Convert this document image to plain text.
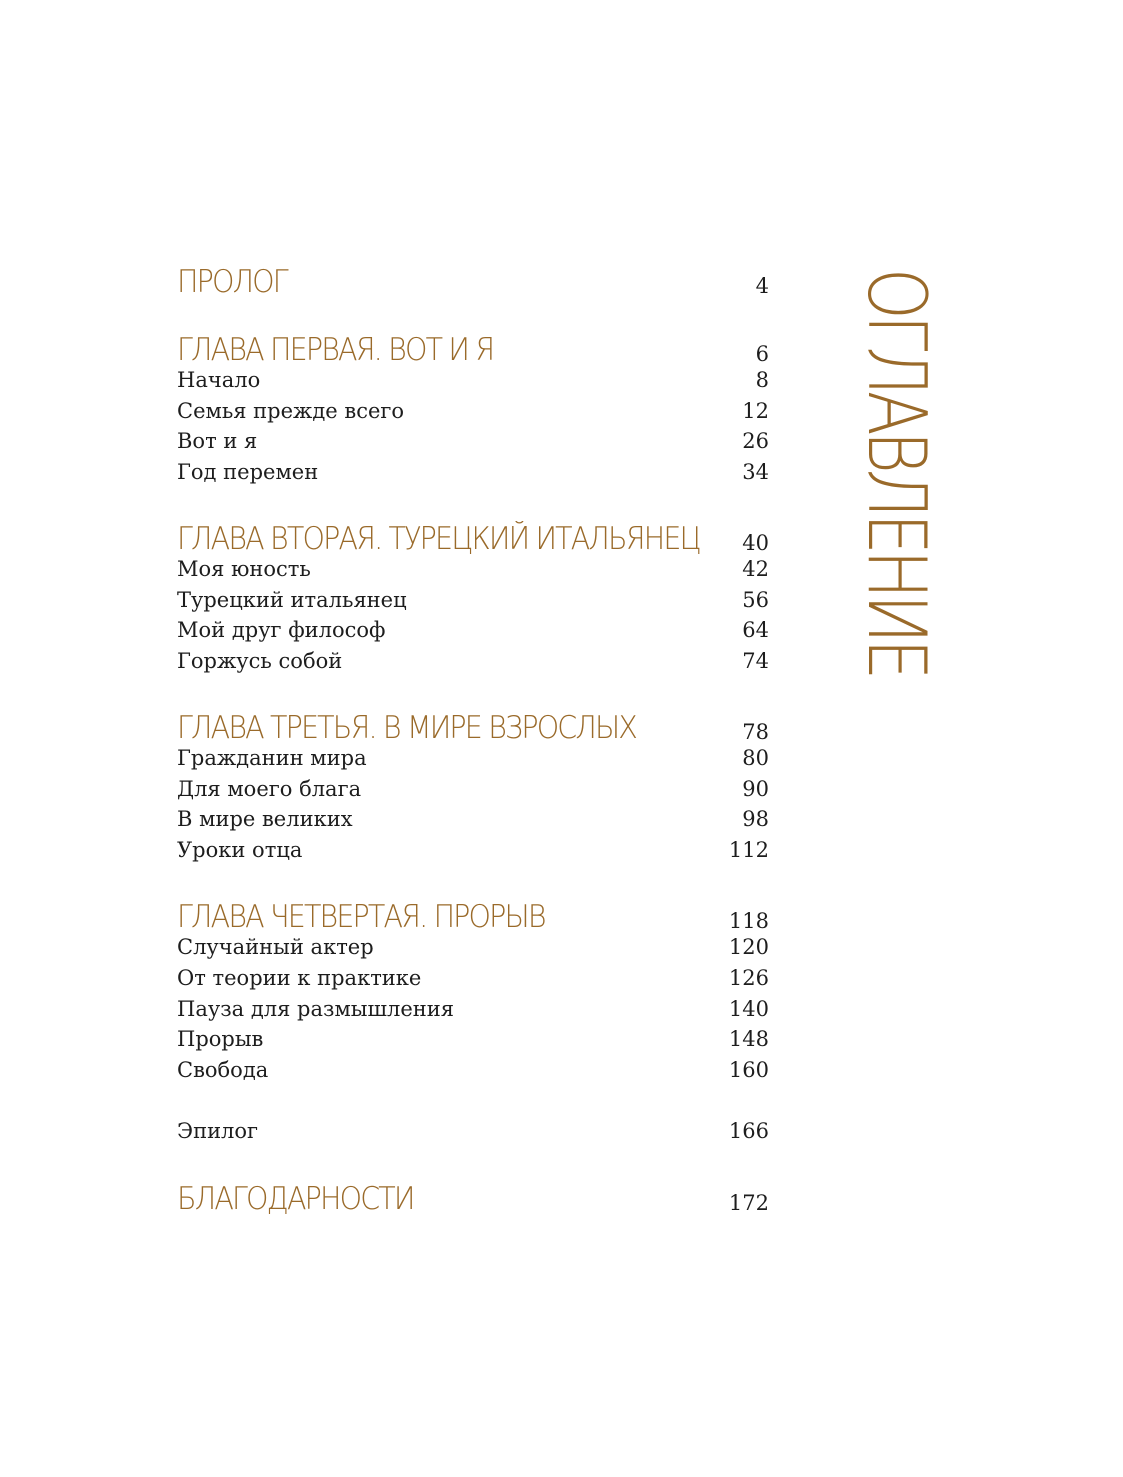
ПРОЛОГ	4
ГЛАВА ПЕРВАЯ. ВОТ И Я	6
Начало	8
Семья прежде всего	12
Вот и я	26
Год перемен	34
ГЛАВА ВТОРАЯ. ТУРЕЦКИЙ ИТАЛЬЯНЕЦ 40
Моя юность	42
Турецкий итальянец	56
Мой друг философ	64
Горжусь собой	74
ГЛАВА ТРЕТЬЯ. В МИРЕ ВЗРОСЛЫХ	78
Гражданин мира	80
Для моего блага	90
В мире великих	98
Уроки отца	112
ГЛАВА ЧЕТВЕРТАЯ. ПРОРЫВ	118
Случайный актер	120
От теории к практике	126
Пауза для размышления	140
Прорыв	148
Свобода	160
Эпилог	166
БЛАГОДАРНОСТИ	172
ОГЛАВЛЕНИЕ
